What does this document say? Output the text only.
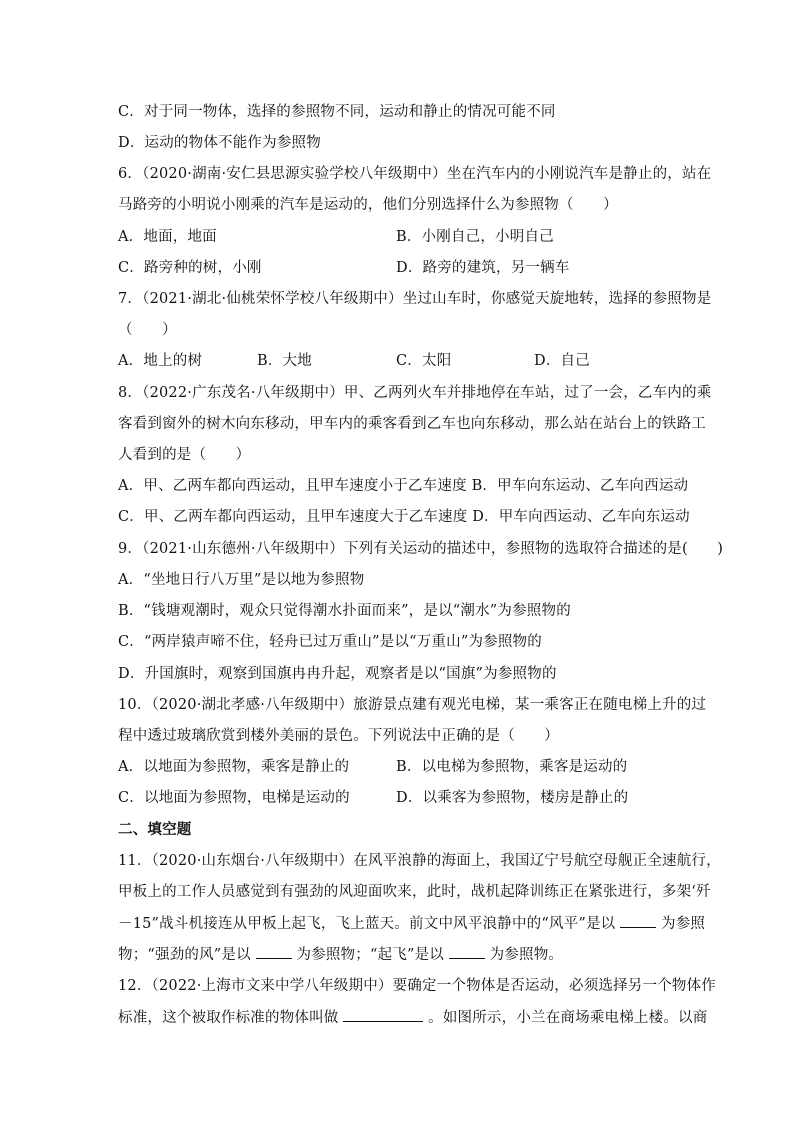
C．对于同一物体，选择的参照物不同，运动和静止的情况可能不同
D．运动的物体不能作为参照物
6．（2020·湖南·安仁县思源实验学校八年级期中）坐在汽车内的小刚说汽车是静止的，站在
马路旁的小明说小刚乘的汽车是运动的，他们分别选择什么为参照物（　　）
A．地面，地面	B．小刚自己，小明自己
C．路旁种的树，小刚	D．路旁的建筑，另一辆车
7．（2021·湖北·仙桃荣怀学校八年级期中）坐过山车时，你感觉天旋地转，选择的参照物是
（　　）
A．地上的树	B．大地	C．太阳	D．自己
8．（2022·广东茂名·八年级期中）甲、乙两列火车并排地停在车站，过了一会，乙车内的乘
客看到窗外的树木向东移动，甲车内的乘客看到乙车也向东移动，那么站在站台上的铁路工
人看到的是（　　）
A．甲、乙两车都向西运动，且甲车速度小于乙车速度 B．甲车向东运动、乙车向西运动
C．甲、乙两车都向西运动，且甲车速度大于乙车速度 D．甲车向西运动、乙车向东运动
9．（2021·山东德州·八年级期中）下列有关运动的描述中，参照物的选取符合描述的是(　　)
A．“坐地日行八万里”是以地为参照物
B．“钱塘观潮时，观众只觉得潮水扑面而来”，是以“潮水”为参照物的
C．“两岸猿声啼不住，轻舟已过万重山”是以“万重山”为参照物的
D．升国旗时，观察到国旗冉冉升起，观察者是以“国旗”为参照物的
10．（2020·湖北孝感·八年级期中）旅游景点建有观光电梯，某一乘客正在随电梯上升的过
程中透过玻璃欣赏到楼外美丽的景色。下列说法中正确的是（　　）
A．以地面为参照物，乘客是静止的	B．以电梯为参照物，乘客是运动的
C．以地面为参照物，电梯是运动的	D．以乘客为参照物，楼房是静止的
二、填空题
11．（2020·山东烟台·八年级期中）在风平浪静的海面上，我国辽宁号航空母舰正全速航行，
甲板上的工作人员感觉到有强劲的风迎面吹来，此时，战机起降训练正在紧张进行，多架‘歼
－15”战斗机接连从甲板上起飞，飞上蓝天。前文中风平浪静中的“风平”是以	为参照
物；“强劲的风”是以	为参照物；“起飞”是以	为参照物。
12．（2022·上海市文来中学八年级期中）要确定一个物体是否运动，必须选择另一个物体作
标准，这个被取作标准的物体叫做	。如图所示，小兰在商场乘电梯上楼。以商
